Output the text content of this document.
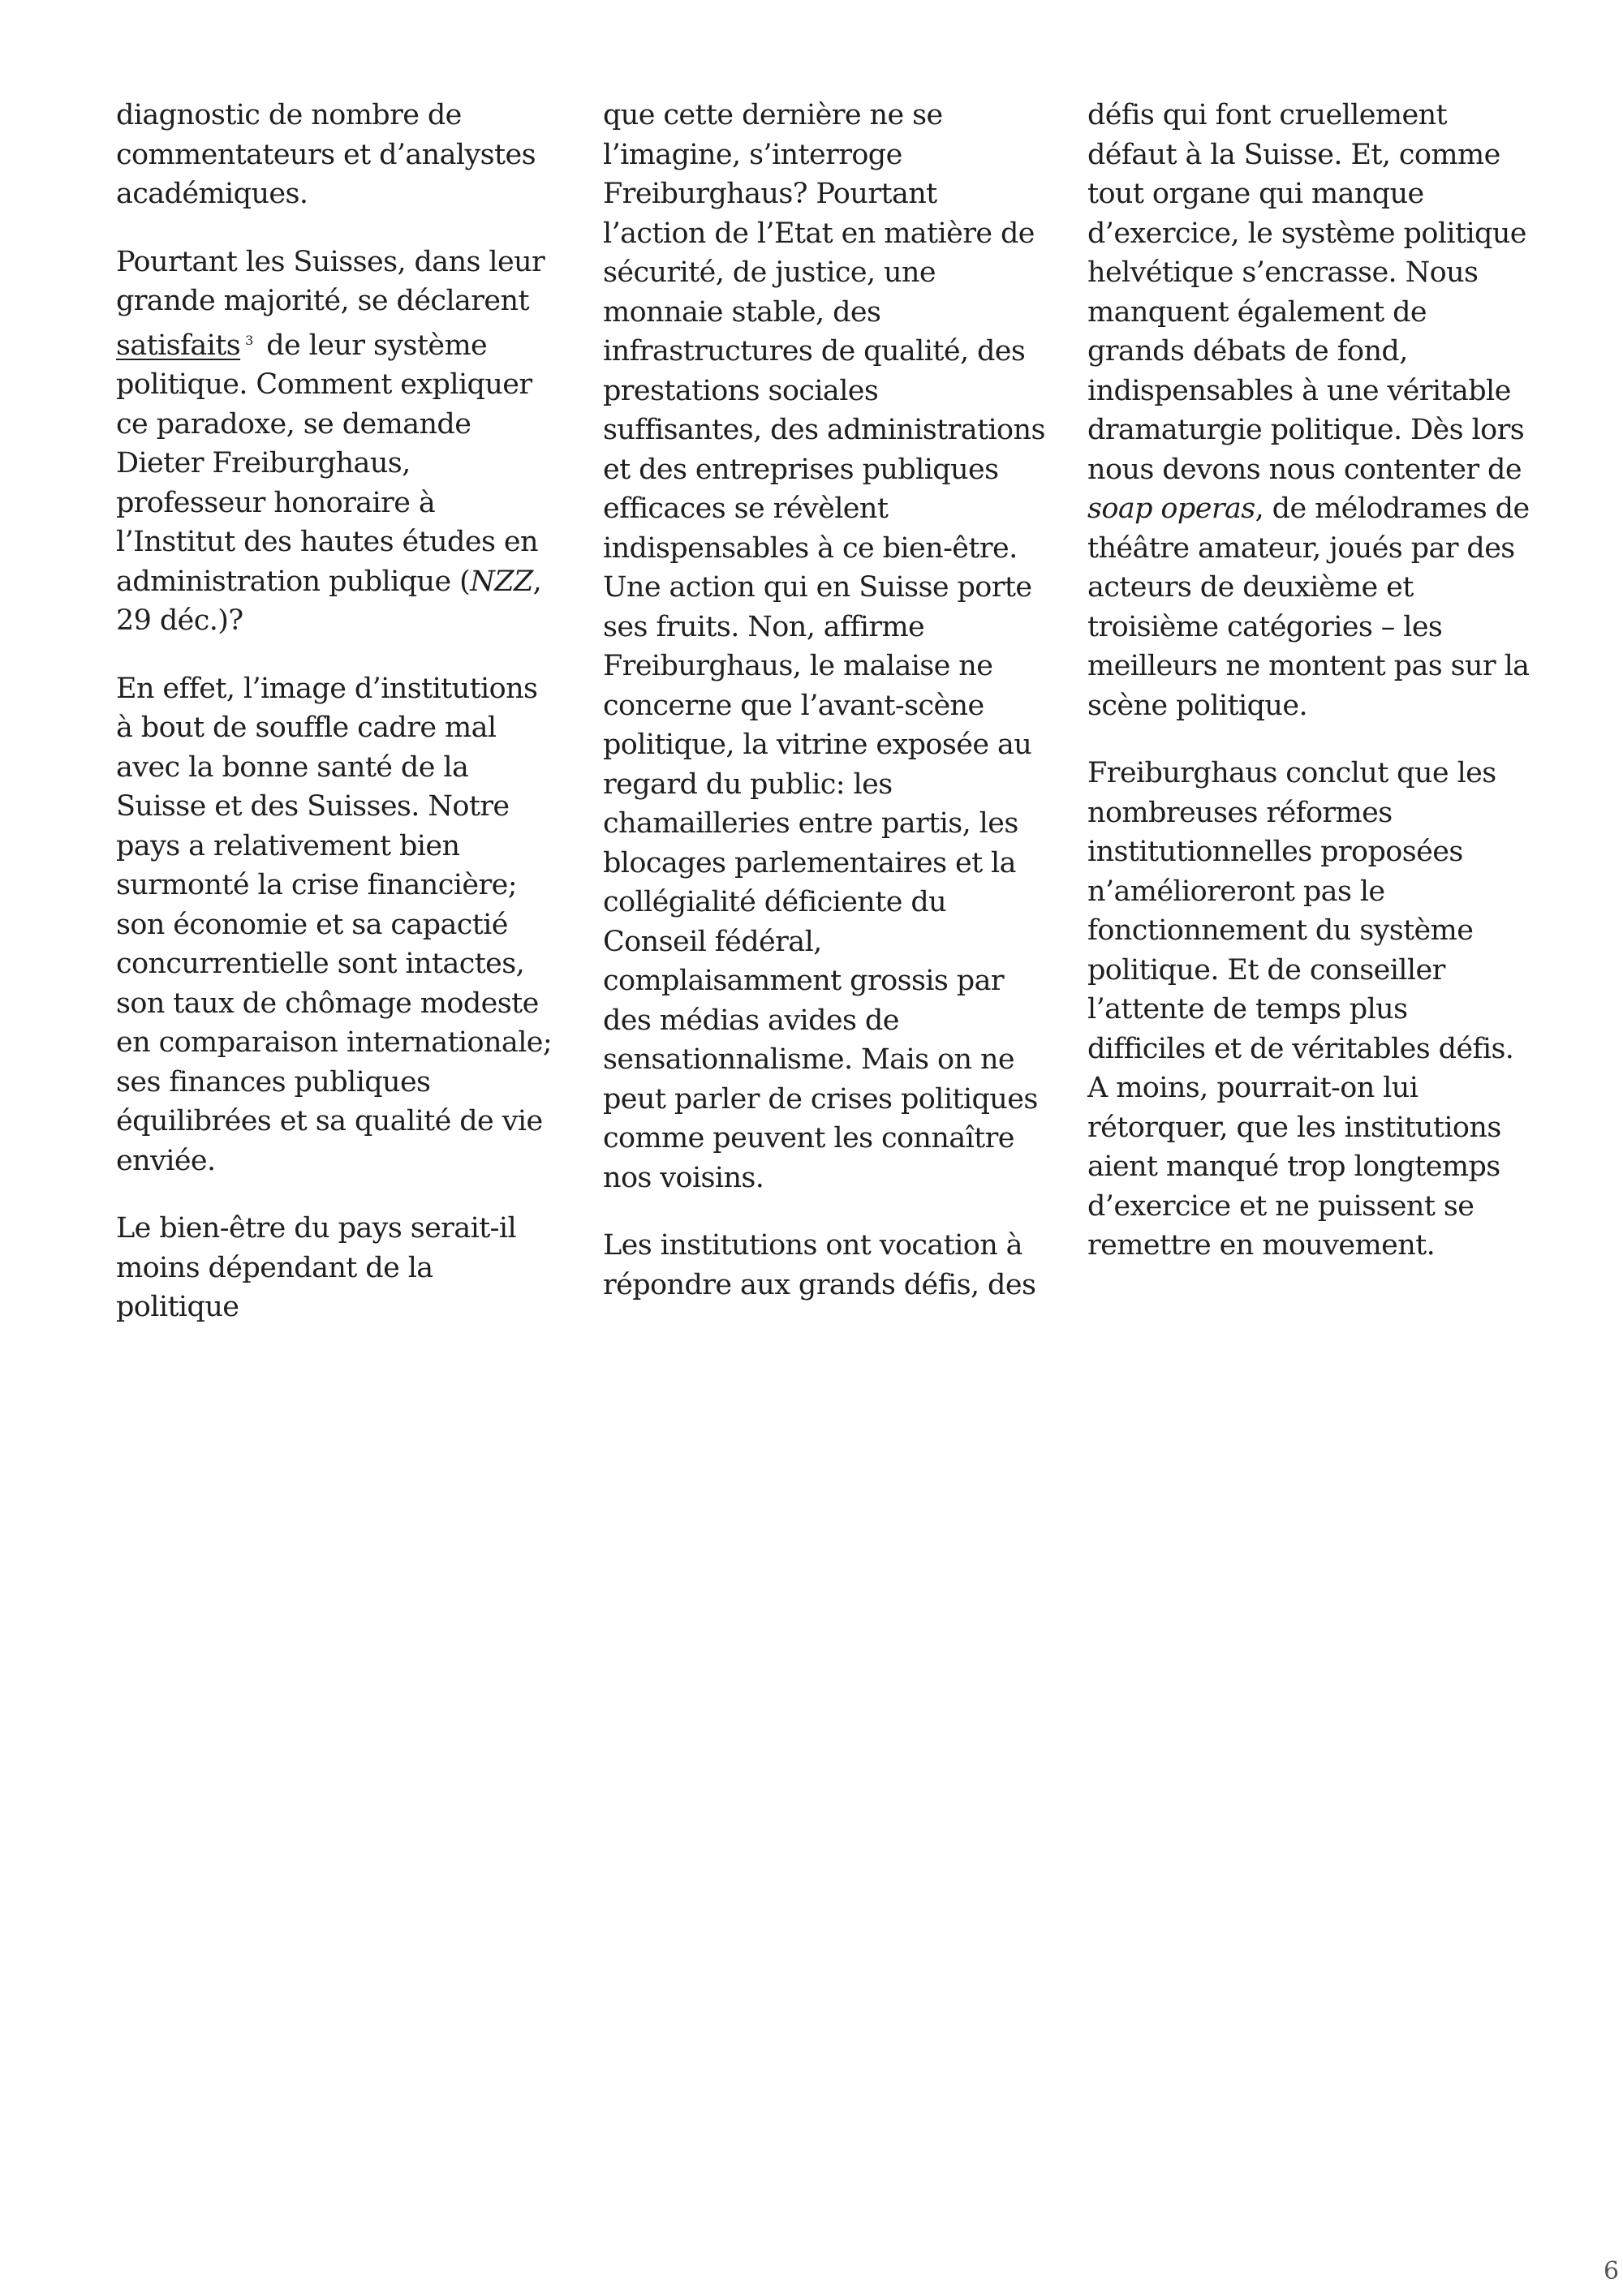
diagnostic de nombre de commentateurs et d’analystes académiques.

Pourtant les Suisses, dans leur grande majorité, se déclarent satisfaits $^3$ de leur système politique. Comment expliquer ce paradoxe, se demande Dieter Freiburghaus, professeur honoraire à l’Institut des hautes études en administration publique (NZZ, 29 déc.)?

En effet, l’image d’institutions à bout de souffle cadre mal avec la bonne santé de la Suisse et des Suisses. Notre pays a relativement bien surmonté la crise financière; son économie et sa capactié concurrentielle sont intactes, son taux de chômage modeste en comparaison internationale; ses finances publiques équilibrées et sa qualité de vie enviée.

Le bien-être du pays serait-il moins dépendant de la politique

que cette dernière ne se l’imagine, s’interroge Freiburghaus? Pourtant l’action de l’Etat en matière de sécurité, de justice, une monnaie stable, des infrastructures de qualité, des prestations sociales suffisantes, des administrations et des entreprises publiques efficaces se révèlent indispensables à ce bien-être. Une action qui en Suisse porte ses fruits. Non, affirme Freiburghaus, le malaise ne concerne que l’avant-scène politique, la vitrine exposée au regard du public: les chamailleries entre partis, les blocages parlementaires et la collégialité déficiente du Conseil fédéral, complaisamment grossis par des médias avides de sensationnalisme. Mais on ne peut parler de crises politiques comme peuvent les connaître nos voisins.

Les institutions ont vocation à répondre aux grands défis, des

défis qui font cruellement défaut à la Suisse. Et, comme tout organe qui manque d’exercice, le système politique helvétique s’encrasse. Nous manquent également de grands débats de fond, indispensables à une véritable dramaturgie politique. Dès lors nous devons nous contenter de soap operas, de mélodrames de théâtre amateur, joués par des acteurs de deuxième et troisième catégories – les meilleurs ne montent pas sur la scène politique.

Freiburghaus conclut que les nombreuses réformes institutionnelles proposées n’amélioreront pas le fonctionnement du système politique. Et de conseiller l’attente de temps plus difficiles et de véritables défis. A moins, pourrait-on lui rétorquer, que les institutions aient manqué trop longtemps d’exercice et ne puissent se remettre en mouvement.

6
